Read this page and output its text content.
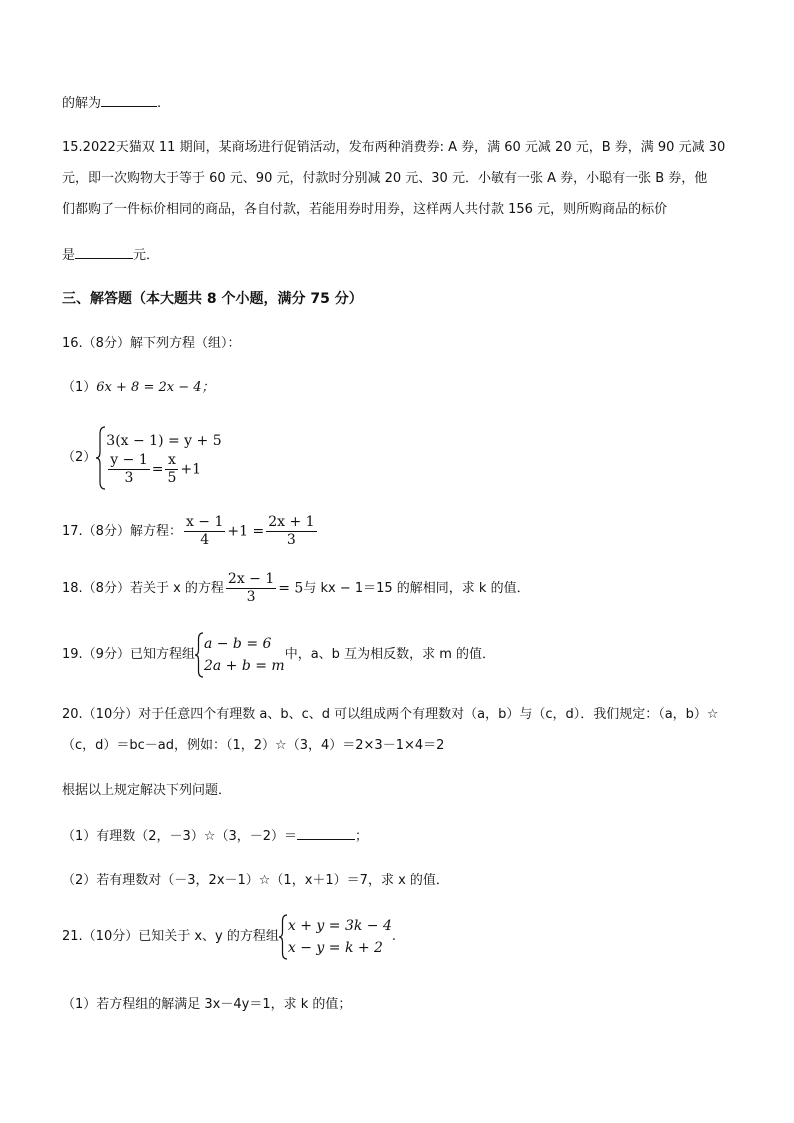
的解为	.
15.2022天猫双 11 期间，某商场进行促销活动，发布两种消费券: A 券，满 60 元减 20 元，B 券，满 90 元减 30
元，即一次购物大于等于 60 元、90 元，付款时分别减 20 元、30 元．小敏有一张 A 券，小聪有一张 B 券，他
们都购了一件标价相同的商品，各自付款，若能用券时用券，这样两人共付款 156 元，则所购商品的标价
是	元．
三、解答题（本大题共 8 个小题，满分 75 分）
16.（8分）解下列方程（组）：
（1）6x + 8 = 2x − 4；
（2）
3(x − 1) = y + 5
$\frac{y - 1}{3} = \frac{x}{5} +1$
17.（8分）解方程： $\frac{x - 1}{4} +1 = \frac{2x + 1}{3}$
18.（8分）若关于 x 的方程 $\frac{2x - 1}{3} = 5$与 kx − 1＝15 的解相同，求 k 的值．
19.（9分）已知方程组
a − b = 6
2a + b = m
中，a、b 互为相反数，求 m 的值．
20.（10分）对于任意四个有理数 a、b、c、d 可以组成两个有理数对（a，b）与（c，d）．我们规定：（a，b）☆
（c，d）＝bc－ad，例如：（1，2）☆（3，4）＝2×3－1×4＝2
根据以上规定解决下列问题．
（1）有理数（2，－3）☆（3，－2）＝	；
（2）若有理数对（－3，2x－1）☆（1，x＋1）＝7，求 x 的值．
21.（10分）已知关于 x、y 的方程组
x + y = 3k − 4
x − y = k + 2
.
（1）若方程组的解满足 3x－4y＝1，求 k 的值；
